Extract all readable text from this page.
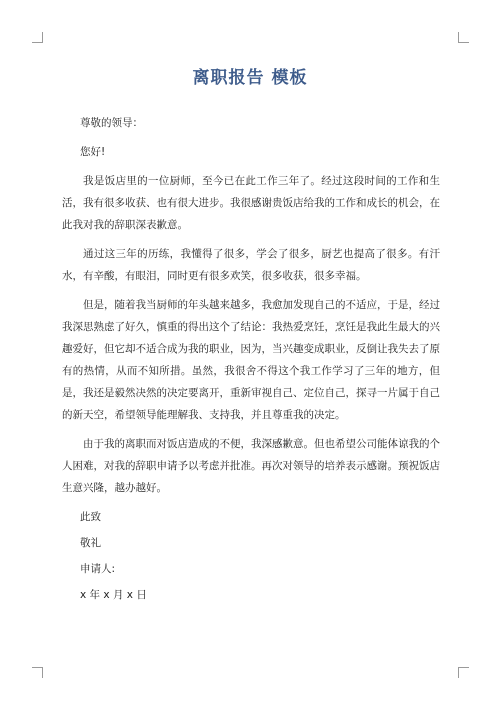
离职报告 模板

尊敬的领导：

您好!

我是饭店里的一位厨师，至今已在此工作三年了。经过这段时间的工作和生活，我有很多收获、也有很大进步。我很感谢贵饭店给我的工作和成长的机会，在此我对我的辞职深表歉意。

通过这三年的历练，我懂得了很多，学会了很多，厨艺也提高了很多。有汗水，有辛酸，有眼泪，同时更有很多欢笑，很多收获，很多幸福。

但是，随着我当厨师的年头越来越多，我愈加发现自己的不适应，于是，经过我深思熟虑了好久，慎重的得出这个了结论：我热爱烹饪，烹饪是我此生最大的兴趣爱好，但它却不适合成为我的职业，因为，当兴趣变成职业，反倒让我失去了原有的热情，从而不知所措。虽然，我很舍不得这个我工作学习了三年的地方，但是，我还是毅然决然的决定要离开，重新审视自己、定位自己，探寻一片属于自己的新天空，希望领导能理解我、支持我，并且尊重我的决定。

由于我的离职而对饭店造成的不便，我深感歉意。但也希望公司能体谅我的个人困难，对我的辞职申请予以考虑并批准。再次对领导的培养表示感谢。预祝饭店生意兴隆，越办越好。

此致

敬礼

申请人:

x 年 x 月 x 日
